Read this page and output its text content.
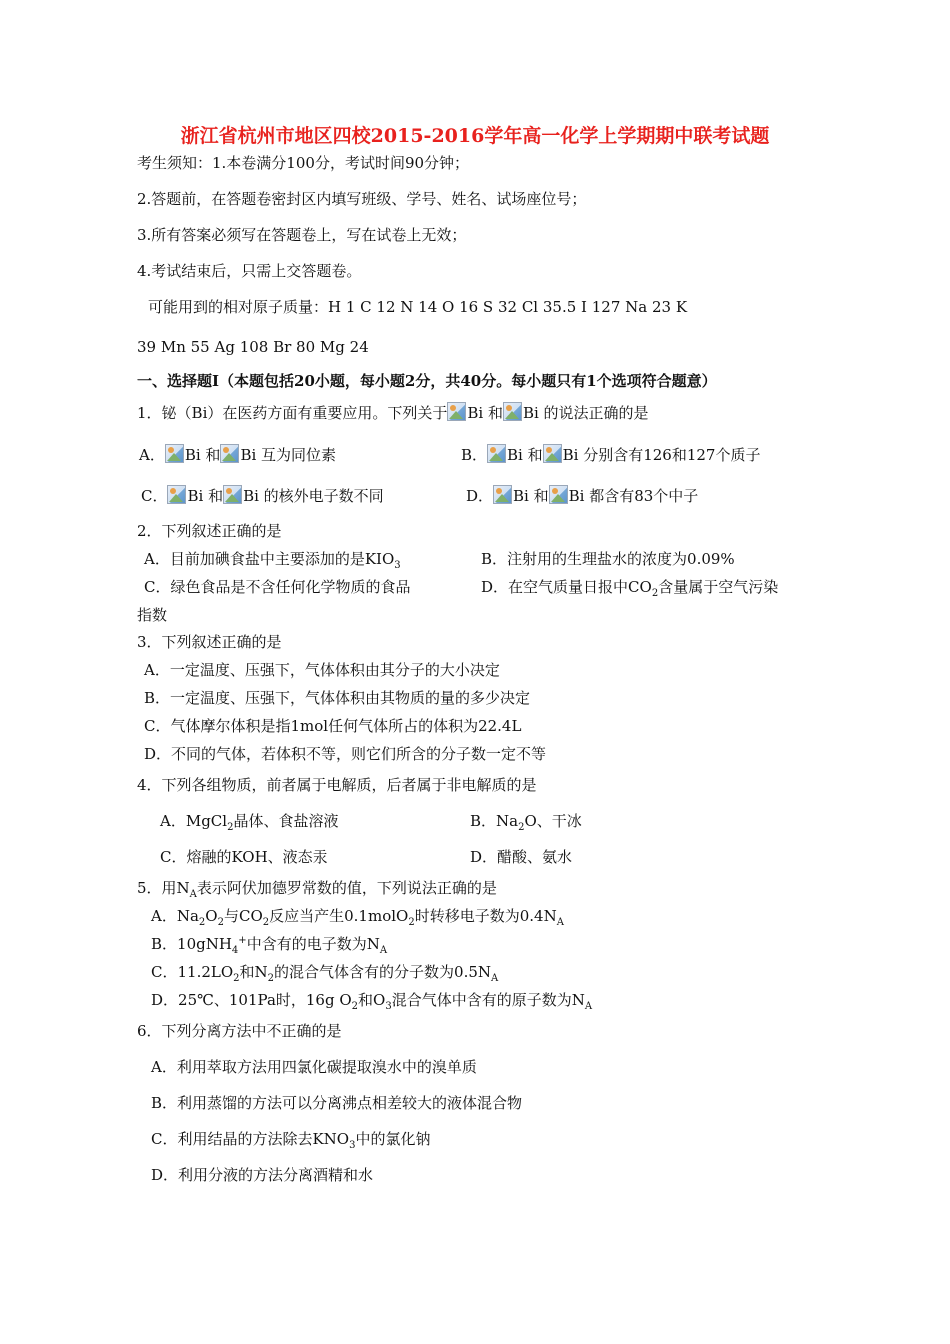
浙江省杭州市地区四校2015-2016学年高一化学上学期期中联考试题
考生须知：1.本卷满分100分，考试时间90分钟；
2.答题前，在答题卷密封区内填写班级、学号、姓名、试场座位号；
3.所有答案必须写在答题卷上，写在试卷上无效；
4.考试结束后，只需上交答题卷。
可能用到的相对原子质量：H 1 C 12 N 14 O 16 S 32 Cl 35.5 I 127 Na 23 K
39 Mn 55 Ag 108 Br 80 Mg 24
一、选择题Ⅰ（本题包括20小题，每小题2分，共40分。每小题只有1个选项符合题意）
1．铋（Bi）在医药方面有重要应用。下列关于 Bi 和 Bi 的说法正确的是
A． Bi 和 Bi 互为同位素	B． Bi 和 Bi 分别含有126和127个质子
C． Bi 和 Bi 的核外电子数不同	D． Bi 和 Bi 都含有83个中子
2．下列叙述正确的是
A．目前加碘食盐中主要添加的是$KIO_3$	B．注射用的生理盐水的浓度为0.09%
C．绿色食品是不含任何化学物质的食品	D．在空气质量日报中$CO_2$含量属于空气污染
指数
3．下列叙述正确的是
A．一定温度、压强下，气体体积由其分子的大小决定
B．一定温度、压强下，气体体积由其物质的量的多少决定
C．气体摩尔体积是指1mol任何气体所占的体积为22.4L
D．不同的气体，若体积不等，则它们所含的分子数一定不等
4．下列各组物质，前者属于电解质，后者属于非电解质的是
A．MgCl$_2$晶体、食盐溶液	B．$Na_2O$、干冰
C．熔融的KOH、液态汞	D．醋酸、氨水
5．用$N_A$表示阿伏加德罗常数的值，下列说法正确的是
A．$Na_2O_2$与$CO_2$反应当产生0.1molO$_2$时转移电子数为$0.4N_A$
B．10gNH$_4$+中含有的电子数为$N_A$
C．$11.2LO_2$和$N_2$的混合气体含有的分子数为$0.5N_A$
D．25℃、101Pa时，16g $O_2$和$O_3$混合气体中含有的原子数为$N_A$
6．下列分离方法中不正确的是
A．利用萃取方法用四氯化碳提取溴水中的溴单质
B．利用蒸馏的方法可以分离沸点相差较大的液体混合物
C．利用结晶的方法除去$KNO_3$中的氯化钠
D．利用分液的方法分离酒精和水
